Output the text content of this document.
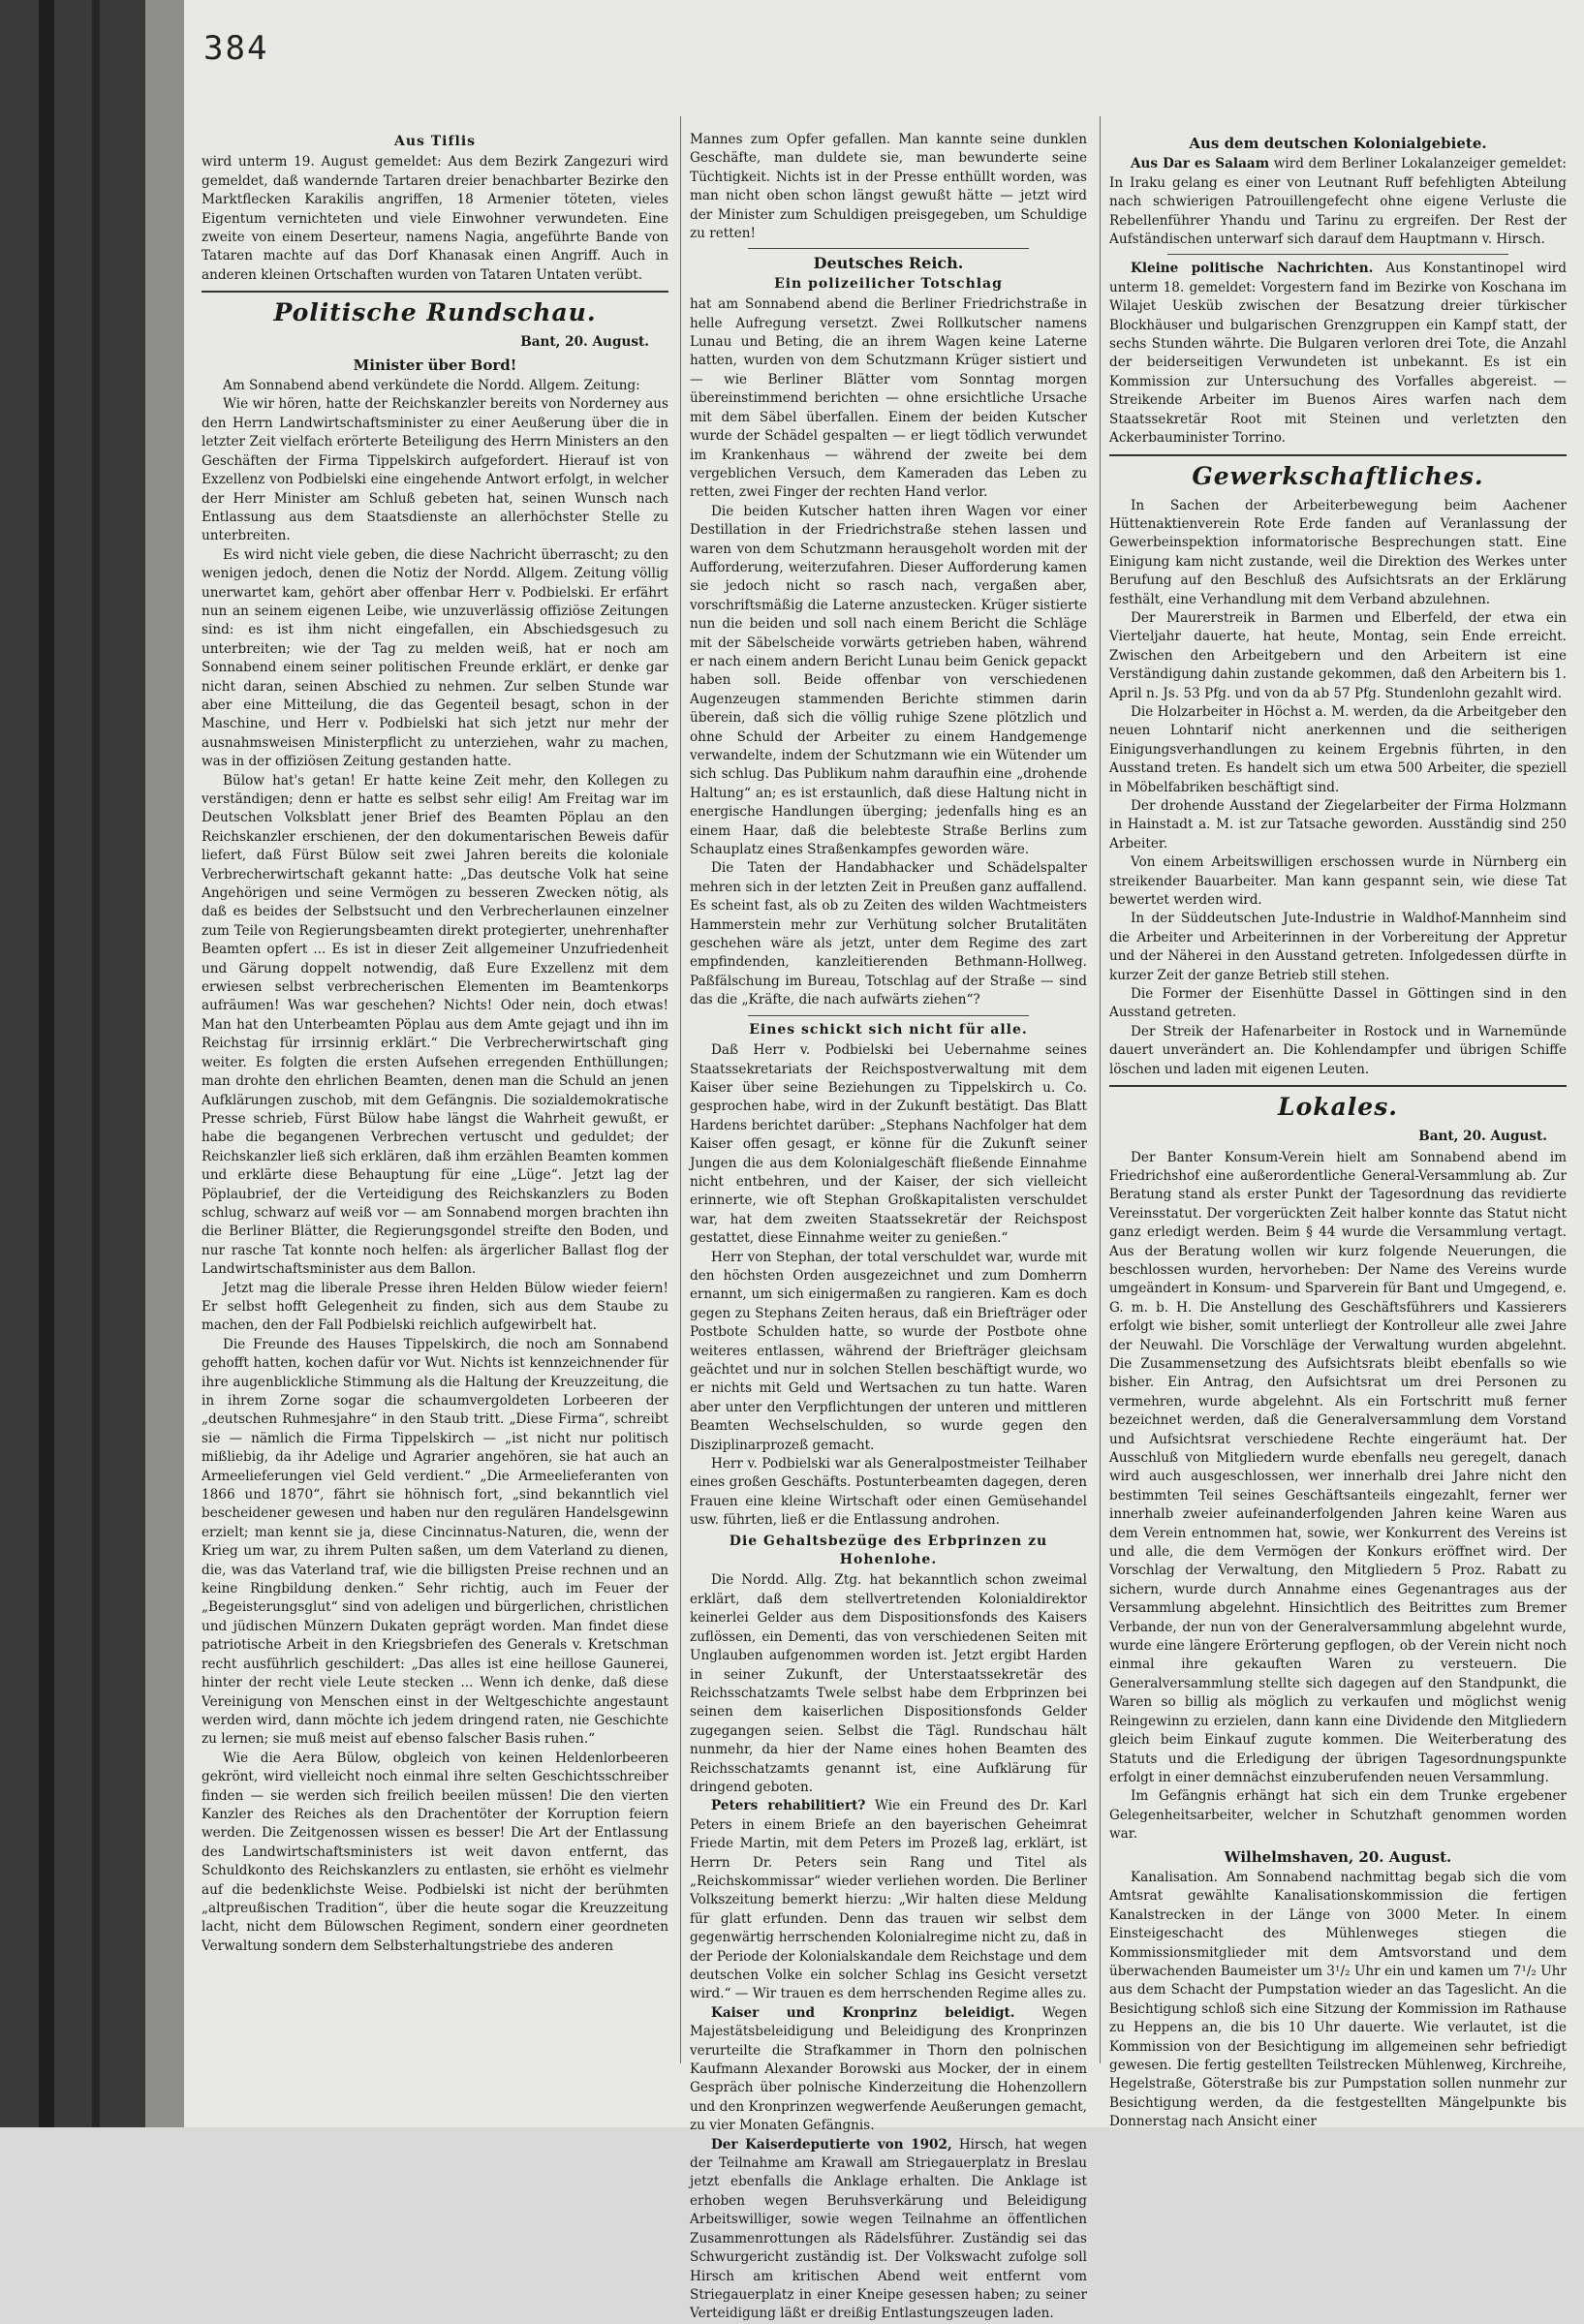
384
Aus Tiflis

wird unterm 19. August gemeldet: Aus dem Bezirk Zangezuri wird gemeldet, daß wandernde Tartaren dreier benachbarter Bezirke den Marktflecken Karakilis angriffen, 18 Armenier töteten, vieles Eigentum vernichteten und viele Einwohner verwundeten. Eine zweite von einem Deserteur, namens Nagia, angeführte Bande von Tataren machte auf das Dorf Khanasak einen Angriff. Auch in anderen kleinen Ortschaften wurden von Tataren Untaten verübt.

Politische Rundschau.
Bant, 20. August.
Minister über Bord!

Am Sonnabend abend verkündete die Nordd. Allgem. Zeitung:

Wie wir hören, hatte der Reichskanzler bereits von Norderney aus den Herrn Landwirtschaftsminister zu einer Aeußerung über die in letzter Zeit vielfach erörterte Beteiligung des Herrn Ministers an den Geschäften der Firma Tippelskirch aufgefordert. Hierauf ist von Exzellenz von Podbielski eine eingehende Antwort erfolgt, in welcher der Herr Minister am Schluß gebeten hat, seinen Wunsch nach Entlassung aus dem Staatsdienste an allerhöchster Stelle zu unterbreiten.

Es wird nicht viele geben, die diese Nachricht überrascht; zu den wenigen jedoch, denen die Notiz der Nordd. Allgem. Zeitung völlig unerwartet kam, gehört aber offenbar Herr v. Podbielski. Er erfährt nun an seinem eigenen Leibe, wie unzuverlässig offiziöse Zeitungen sind: es ist ihm nicht eingefallen, ein Abschiedsgesuch zu unterbreiten; wie der Tag zu melden weiß, hat er noch am Sonnabend einem seiner politischen Freunde erklärt, er denke gar nicht daran, seinen Abschied zu nehmen. Zur selben Stunde war aber eine Mitteilung, die das Gegenteil besagt, schon in der Maschine, und Herr v. Podbielski hat sich jetzt nur mehr der ausnahmsweisen Ministerpflicht zu unterziehen, wahr zu machen, was in der offiziösen Zeitung gestanden hatte.

Bülow hat's getan! Er hatte keine Zeit mehr, den Kollegen zu verständigen; denn er hatte es selbst sehr eilig! Am Freitag war im Deutschen Volksblatt jener Brief des Beamten Pöplau an den Reichskanzler erschienen, der den dokumentarischen Beweis dafür liefert, daß Fürst Bülow seit zwei Jahren bereits die koloniale Verbrecherwirtschaft gekannt hatte: „Das deutsche Volk hat seine Angehörigen und seine Vermögen zu besseren Zwecken nötig, als daß es beides der Selbstsucht und den Verbrecherlaunen einzelner zum Teile von Regierungsbeamten direkt protegierter, unehrenhafter Beamten opfert ... Es ist in dieser Zeit allgemeiner Unzufriedenheit und Gärung doppelt notwendig, daß Eure Exzellenz mit dem erwiesen selbst verbrecherischen Elementen im Beamtenkorps aufräumen! Was war geschehen? Nichts! Oder nein, doch etwas! Man hat den Unterbeamten Pöplau aus dem Amte gejagt und ihn im Reichstag für irrsinnig erklärt.“ Die Verbrecherwirtschaft ging weiter. Es folgten die ersten Aufsehen erregenden Enthüllungen; man drohte den ehrlichen Beamten, denen man die Schuld an jenen Aufklärungen zuschob, mit dem Gefängnis. Die sozialdemokratische Presse schrieb, Fürst Bülow habe längst die Wahrheit gewußt, er habe die begangenen Verbrechen vertuscht und geduldet; der Reichskanzler ließ sich erklären, daß ihm erzählen Beamten kommen und erklärte diese Behauptung für eine „Lüge“. Jetzt lag der Pöplaubrief, der die Verteidigung des Reichskanzlers zu Boden schlug, schwarz auf weiß vor — am Sonnabend morgen brachten ihn die Berliner Blätter, die Regierungsgondel streifte den Boden, und nur rasche Tat konnte noch helfen: als ärgerlicher Ballast flog der Landwirtschaftsminister aus dem Ballon.

Jetzt mag die liberale Presse ihren Helden Bülow wieder feiern! Er selbst hofft Gelegenheit zu finden, sich aus dem Staube zu machen, den der Fall Podbielski reichlich aufgewirbelt hat.

Die Freunde des Hauses Tippelskirch, die noch am Sonnabend gehofft hatten, kochen dafür vor Wut. Nichts ist kennzeichnender für ihre augenblickliche Stimmung als die Haltung der Kreuzzeitung, die in ihrem Zorne sogar die schaumvergoldeten Lorbeeren der „deutschen Ruhmesjahre“ in den Staub tritt. „Diese Firma“, schreibt sie — nämlich die Firma Tippelskirch — „ist nicht nur politisch mißliebig, da ihr Adelige und Agrarier angehören, sie hat auch an Armeelieferungen viel Geld verdient.“ „Die Armeelieferanten von 1866 und 1870“, fährt sie höhnisch fort, „sind bekanntlich viel bescheidener gewesen und haben nur den regulären Handelsgewinn erzielt; man kennt sie ja, diese Cincinnatus-Naturen, die, wenn der Krieg um war, zu ihrem Pulten saßen, um dem Vaterland zu dienen, die, was das Vaterland traf, wie die billigsten Preise rechnen und an keine Ringbildung denken.“ Sehr richtig, auch im Feuer der „Begeisterungsglut“ sind von adeligen und bürgerlichen, christlichen und jüdischen Münzern Dukaten geprägt worden. Man findet diese patriotische Arbeit in den Kriegsbriefen des Generals v. Kretschman recht ausführlich geschildert: „Das alles ist eine heillose Gaunerei, hinter der recht viele Leute stecken ... Wenn ich denke, daß diese Vereinigung von Menschen einst in der Weltgeschichte angestaunt werden wird, dann möchte ich jedem dringend raten, nie Geschichte zu lernen; sie muß meist auf ebenso falscher Basis ruhen.“

Wie die Aera Bülow, obgleich von keinen Heldenlorbeeren gekrönt, wird vielleicht noch einmal ihre selten Geschichtsschreiber finden — sie werden sich freilich beeilen müssen! Die den vierten Kanzler des Reiches als den Drachentöter der Korruption feiern werden. Die Zeitgenossen wissen es besser! Die Art der Entlassung des Landwirtschaftsministers ist weit davon entfernt, das Schuldkonto des Reichskanzlers zu entlasten, sie erhöht es vielmehr auf die bedenklichste Weise. Podbielski ist nicht der berühmten „altpreußischen Tradition“, über die heute sogar die Kreuzzeitung lacht, nicht dem Bülowschen Regiment, sondern einer geordneten Verwaltung sondern dem Selbsterhaltungstriebe des anderen

Mannes zum Opfer gefallen. Man kannte seine dunklen Geschäfte, man duldete sie, man bewunderte seine Tüchtigkeit. Nichts ist in der Presse enthüllt worden, was man nicht oben schon längst gewußt hätte — jetzt wird der Minister zum Schuldigen preisgegeben, um Schuldige zu retten!

Deutsches Reich.
Ein polizeilicher Totschlag

hat am Sonnabend abend die Berliner Friedrichstraße in helle Aufregung versetzt. Zwei Rollkutscher namens Lunau und Beting, die an ihrem Wagen keine Laterne hatten, wurden von dem Schutzmann Krüger sistiert und — wie Berliner Blätter vom Sonntag morgen übereinstimmend berichten — ohne ersichtliche Ursache mit dem Säbel überfallen. Einem der beiden Kutscher wurde der Schädel gespalten — er liegt tödlich verwundet im Krankenhaus — während der zweite bei dem vergeblichen Versuch, dem Kameraden das Leben zu retten, zwei Finger der rechten Hand verlor.

Die beiden Kutscher hatten ihren Wagen vor einer Destillation in der Friedrichstraße stehen lassen und waren von dem Schutzmann herausgeholt worden mit der Aufforderung, weiterzufahren. Dieser Aufforderung kamen sie jedoch nicht so rasch nach, vergaßen aber, vorschriftsmäßig die Laterne anzustecken. Krüger sistierte nun die beiden und soll nach einem Bericht die Schläge mit der Säbelscheide vorwärts getrieben haben, während er nach einem andern Bericht Lunau beim Genick gepackt haben soll. Beide offenbar von verschiedenen Augenzeugen stammenden Berichte stimmen darin überein, daß sich die völlig ruhige Szene plötzlich und ohne Schuld der Arbeiter zu einem Handgemenge verwandelte, indem der Schutzmann wie ein Wütender um sich schlug. Das Publikum nahm daraufhin eine „drohende Haltung“ an; es ist erstaunlich, daß diese Haltung nicht in energische Handlungen überging; jedenfalls hing es an einem Haar, daß die belebteste Straße Berlins zum Schauplatz eines Straßenkampfes geworden wäre.

Die Taten der Handabhacker und Schädelspalter mehren sich in der letzten Zeit in Preußen ganz auffallend. Es scheint fast, als ob zu Zeiten des wilden Wachtmeisters Hammerstein mehr zur Verhütung solcher Brutalitäten geschehen wäre als jetzt, unter dem Regime des zart empfindenden, kanzleitierenden Bethmann-Hollweg. Paßfälschung im Bureau, Totschlag auf der Straße — sind das die „Kräfte, die nach aufwärts ziehen“?

Eines schickt sich nicht für alle.

Daß Herr v. Podbielski bei Uebernahme seines Staatssekretariats der Reichspostverwaltung mit dem Kaiser über seine Beziehungen zu Tippelskirch u. Co. gesprochen habe, wird in der Zukunft bestätigt. Das Blatt Hardens berichtet darüber: „Stephans Nachfolger hat dem Kaiser offen gesagt, er könne für die Zukunft seiner Jungen die aus dem Kolonialgeschäft fließende Einnahme nicht entbehren, und der Kaiser, der sich vielleicht erinnerte, wie oft Stephan Großkapitalisten verschuldet war, hat dem zweiten Staatssekretär der Reichspost gestattet, diese Einnahme weiter zu genießen.“

Herr von Stephan, der total verschuldet war, wurde mit den höchsten Orden ausgezeichnet und zum Domherrn ernannt, um sich einigermaßen zu rangieren. Kam es doch gegen zu Stephans Zeiten heraus, daß ein Briefträger oder Postbote Schulden hatte, so wurde der Postbote ohne weiteres entlassen, während der Briefträger gleichsam geächtet und nur in solchen Stellen beschäftigt wurde, wo er nichts mit Geld und Wertsachen zu tun hatte. Waren aber unter den Verpflichtungen der unteren und mittleren Beamten Wechselschulden, so wurde gegen den Disziplinarprozeß gemacht.

Herr v. Podbielski war als Generalpostmeister Teilhaber eines großen Geschäfts. Postunterbeamten dagegen, deren Frauen eine kleine Wirtschaft oder einen Gemüsehandel usw. führten, ließ er die Entlassung androhen.

Die Gehaltsbezüge des Erbprinzen zu Hohenlohe.

Die Nordd. Allg. Ztg. hat bekanntlich schon zweimal erklärt, daß dem stellvertretenden Kolonialdirektor keinerlei Gelder aus dem Dispositionsfonds des Kaisers zuflössen, ein Dementi, das von verschiedenen Seiten mit Unglauben aufgenommen worden ist. Jetzt ergibt Harden in seiner Zukunft, der Unterstaatssekretär des Reichsschatzamts Twele selbst habe dem Erbprinzen bei seinen dem kaiserlichen Dispositionsfonds Gelder zugegangen seien. Selbst die Tägl. Rundschau hält nunmehr, da hier der Name eines hohen Beamten des Reichsschatzamts genannt ist, eine Aufklärung für dringend geboten.

Peters rehabilitiert? Wie ein Freund des Dr. Karl Peters in einem Briefe an den bayerischen Geheimrat Friede Martin, mit dem Peters im Prozeß lag, erklärt, ist Herrn Dr. Peters sein Rang und Titel als „Reichskommissar“ wieder verliehen worden. Die Berliner Volkszeitung bemerkt hierzu: „Wir halten diese Meldung für glatt erfunden. Denn das trauen wir selbst dem gegenwärtig herrschenden Kolonialregime nicht zu, daß in der Periode der Kolonialskandale dem Reichstage und dem deutschen Volke ein solcher Schlag ins Gesicht versetzt wird.“ — Wir trauen es dem herrschenden Regime alles zu.

Kaiser und Kronprinz beleidigt. Wegen Majestätsbeleidigung und Beleidigung des Kronprinzen verurteilte die Strafkammer in Thorn den polnischen Kaufmann Alexander Borowski aus Mocker, der in einem Gespräch über polnische Kinderzeitung die Hohenzollern und den Kronprinzen wegwerfende Aeußerungen gemacht, zu vier Monaten Gefängnis.

Der Kaiserdeputierte von 1902, Hirsch, hat wegen der Teilnahme am Krawall am Striegauerplatz in Breslau jetzt ebenfalls die Anklage erhalten. Die Anklage ist erhoben wegen Beruhsverkärung und Beleidigung Arbeitswilliger, sowie wegen Teilnahme an öffentlichen Zusammenrottungen als Rädelsführer. Zuständig sei das Schwurgericht zuständig ist. Der Volkswacht zufolge soll Hirsch am kritischen Abend weit entfernt vom Striegauerplatz in einer Kneipe gesessen haben; zu seiner Verteidigung läßt er dreißig Entlastungszeugen laden.

Aus dem deutschen Kolonialgebiete.

Aus Dar es Salaam wird dem Berliner Lokalanzeiger gemeldet: In Iraku gelang es einer von Leutnant Ruff befehligten Abteilung nach schwierigen Patrouillengefecht ohne eigene Verluste die Rebellenführer Yhandu und Tarinu zu ergreifen. Der Rest der Aufständischen unterwarf sich darauf dem Hauptmann v. Hirsch.

Kleine politische Nachrichten. Aus Konstantinopel wird unterm 18. gemeldet: Vorgestern fand im Bezirke von Koschana im Wilajet Uesküb zwischen der Besatzung dreier türkischer Blockhäuser und bulgarischen Grenzgruppen ein Kampf statt, der sechs Stunden währte. Die Bulgaren verloren drei Tote, die Anzahl der beiderseitigen Verwundeten ist unbekannt. Es ist ein Kommission zur Untersuchung des Vorfalles abgereist. — Streikende Arbeiter im Buenos Aires warfen nach dem Staatssekretär Root mit Steinen und verletzten den Ackerbauminister Torrino.

Gewerkschaftliches.

In Sachen der Arbeiterbewegung beim Aachener Hüttenaktienverein Rote Erde fanden auf Veranlassung der Gewerbeinspektion informatorische Besprechungen statt. Eine Einigung kam nicht zustande, weil die Direktion des Werkes unter Berufung auf den Beschluß des Aufsichtsrats an der Erklärung festhält, eine Verhandlung mit dem Verband abzulehnen.

Der Maurerstreik in Barmen und Elberfeld, der etwa ein Vierteljahr dauerte, hat heute, Montag, sein Ende erreicht. Zwischen den Arbeitgebern und den Arbeitern ist eine Verständigung dahin zustande gekommen, daß den Arbeitern bis 1. April n. Js. 53 Pfg. und von da ab 57 Pfg. Stundenlohn gezahlt wird.

Die Holzarbeiter in Höchst a. M. werden, da die Arbeitgeber den neuen Lohntarif nicht anerkennen und die seitherigen Einigungsverhandlungen zu keinem Ergebnis führten, in den Ausstand treten. Es handelt sich um etwa 500 Arbeiter, die speziell in Möbelfabriken beschäftigt sind.

Der drohende Ausstand der Ziegelarbeiter der Firma Holzmann in Hainstadt a. M. ist zur Tatsache geworden. Ausständig sind 250 Arbeiter.

Von einem Arbeitswilligen erschossen wurde in Nürnberg ein streikender Bauarbeiter. Man kann gespannt sein, wie diese Tat bewertet werden wird.

In der Süddeutschen Jute-Industrie in Waldhof-Mannheim sind die Arbeiter und Arbeiterinnen in der Vorbereitung der Appretur und der Näherei in den Ausstand getreten. Infolgedessen dürfte in kurzer Zeit der ganze Betrieb still stehen.

Die Former der Eisenhütte Dassel in Göttingen sind in den Ausstand getreten.

Der Streik der Hafenarbeiter in Rostock und in Warnemünde dauert unverändert an. Die Kohlendampfer und übrigen Schiffe löschen und laden mit eigenen Leuten.

Lokales.
Bant, 20. August.

Der Banter Konsum-Verein hielt am Sonnabend abend im Friedrichshof eine außerordentliche General-Versammlung ab. Zur Beratung stand als erster Punkt der Tagesordnung das revidierte Vereinsstatut. Der vorgerückten Zeit halber konnte das Statut nicht ganz erledigt werden. Beim § 44 wurde die Versammlung vertagt. Aus der Beratung wollen wir kurz folgende Neuerungen, die beschlossen wurden, hervorheben: Der Name des Vereins wurde umgeändert in Konsum- und Sparverein für Bant und Umgegend, e. G. m. b. H. Die Anstellung des Geschäftsführers und Kassierers erfolgt wie bisher, somit unterliegt der Kontrolleur alle zwei Jahre der Neuwahl. Die Vorschläge der Verwaltung wurden abgelehnt. Die Zusammensetzung des Aufsichtsrats bleibt ebenfalls so wie bisher. Ein Antrag, den Aufsichtsrat um drei Personen zu vermehren, wurde abgelehnt. Als ein Fortschritt muß ferner bezeichnet werden, daß die Generalversammlung dem Vorstand und Aufsichtsrat verschiedene Rechte eingeräumt hat. Der Ausschluß von Mitgliedern wurde ebenfalls neu geregelt, danach wird auch ausgeschlossen, wer innerhalb drei Jahre nicht den bestimmten Teil seines Geschäftsanteils eingezahlt, ferner wer innerhalb zweier aufeinanderfolgenden Jahren keine Waren aus dem Verein entnommen hat, sowie, wer Konkurrent des Vereins ist und alle, die dem Vermögen der Konkurs eröffnet wird. Der Vorschlag der Verwaltung, den Mitgliedern 5 Proz. Rabatt zu sichern, wurde durch Annahme eines Gegenantrages aus der Versammlung abgelehnt. Hinsichtlich des Beitrittes zum Bremer Verbande, der nun von der Generalversammlung abgelehnt wurde, wurde eine längere Erörterung gepflogen, ob der Verein nicht noch einmal ihre gekauften Waren zu versteuern. Die Generalversammlung stellte sich dagegen auf den Standpunkt, die Waren so billig als möglich zu verkaufen und möglichst wenig Reingewinn zu erzielen, dann kann eine Dividende den Mitgliedern gleich beim Einkauf zugute kommen. Die Weiterberatung des Statuts und die Erledigung der übrigen Tagesordnungspunkte erfolgt in einer demnächst einzuberufenden neuen Versammlung.

Im Gefängnis erhängt hat sich ein dem Trunke ergebener Gelegenheitsarbeiter, welcher in Schutzhaft genommen worden war.

Wilhelmshaven, 20. August.

Kanalisation. Am Sonnabend nachmittag begab sich die vom Amtsrat gewählte Kanalisationskommission die fertigen Kanalstrecken in der Länge von 3000 Meter. In einem Einsteigeschacht des Mühlenweges stiegen die Kommissionsmitglieder mit dem Amtsvorstand und dem überwachenden Baumeister um 3¹/₂ Uhr ein und kamen um 7¹/₂ Uhr aus dem Schacht der Pumpstation wieder an das Tageslicht. An die Besichtigung schloß sich eine Sitzung der Kommission im Rathause zu Heppens an, die bis 10 Uhr dauerte. Wie verlautet, ist die Kommission von der Besichtigung im allgemeinen sehr befriedigt gewesen. Die fertig gestellten Teilstrecken Mühlenweg, Kirchreihe, Hegelstraße, Göterstraße bis zur Pumpstation sollen nunmehr zur Besichtigung werden, da die festgestellten Mängelpunkte bis Donnerstag nach Ansicht einer
